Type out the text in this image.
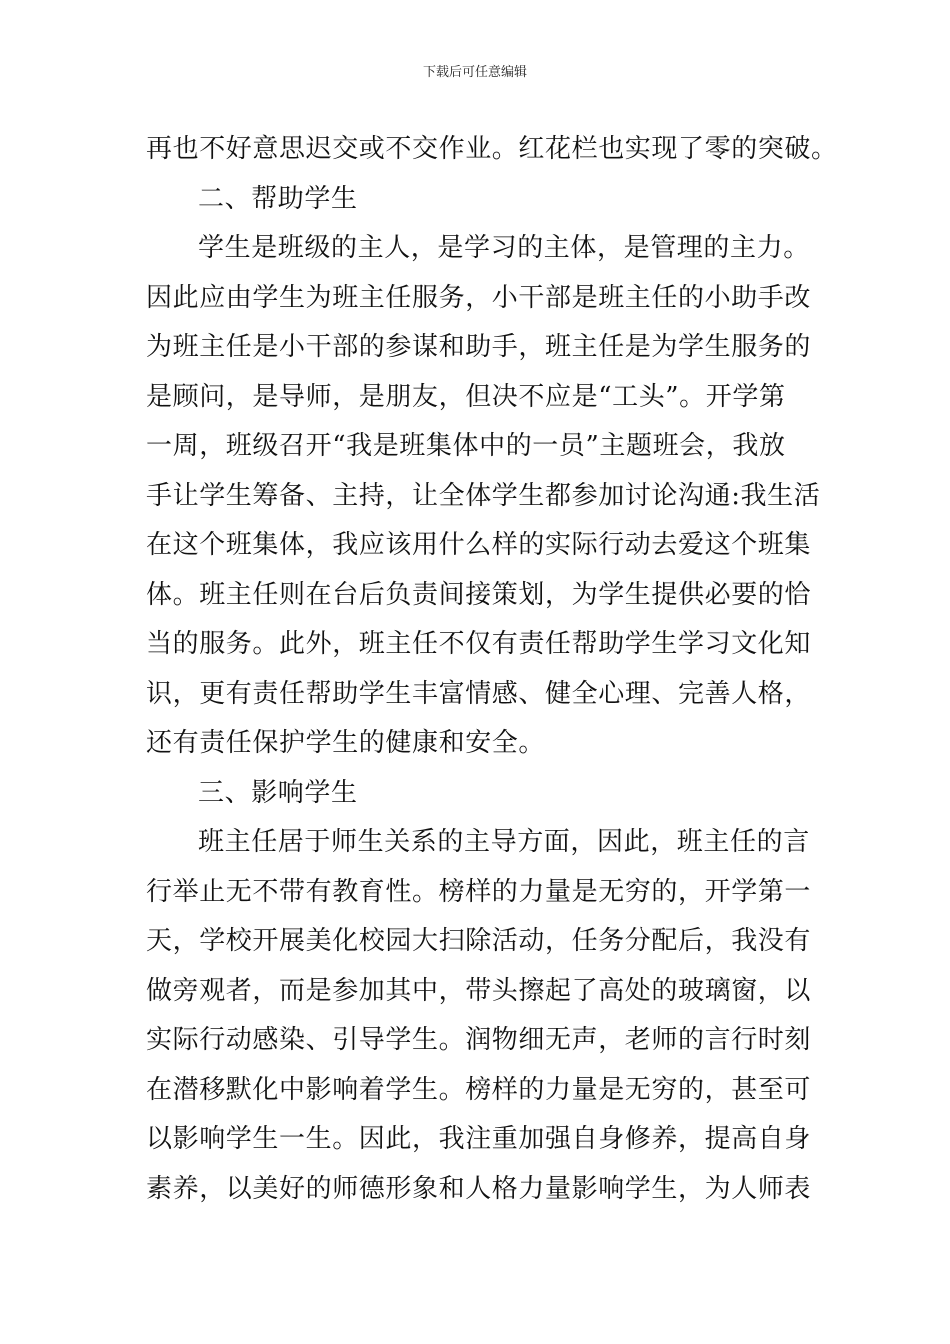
下载后可任意编辑
再也不好意思迟交或不交作业。红花栏也实现了零的突破。
二、帮助学生
学生是班级的主人，是学习的主体，是管理的主力。
因此应由学生为班主任服务，小干部是班主任的小助手改
为班主任是小干部的参谋和助手，班主任是为学生服务的
是顾问，是导师，是朋友，但决不应是“工头”。开学第
一周，班级召开“我是班集体中的一员”主题班会，我放
手让学生筹备、主持，让全体学生都参加讨论沟通:我生活
在这个班集体，我应该用什么样的实际行动去爱这个班集
体。班主任则在台后负责间接策划，为学生提供必要的恰
当的服务。此外，班主任不仅有责任帮助学生学习文化知
识，更有责任帮助学生丰富情感、健全心理、完善人格，
还有责任保护学生的健康和安全。
三、影响学生
班主任居于师生关系的主导方面，因此，班主任的言
行举止无不带有教育性。榜样的力量是无穷的，开学第一
天，学校开展美化校园大扫除活动，任务分配后，我没有
做旁观者，而是参加其中，带头擦起了高处的玻璃窗，以
实际行动感染、引导学生。润物细无声，老师的言行时刻
在潜移默化中影响着学生。榜样的力量是无穷的，甚至可
以影响学生一生。因此，我注重加强自身修养，提高自身
素养，以美好的师德形象和人格力量影响学生，为人师表
